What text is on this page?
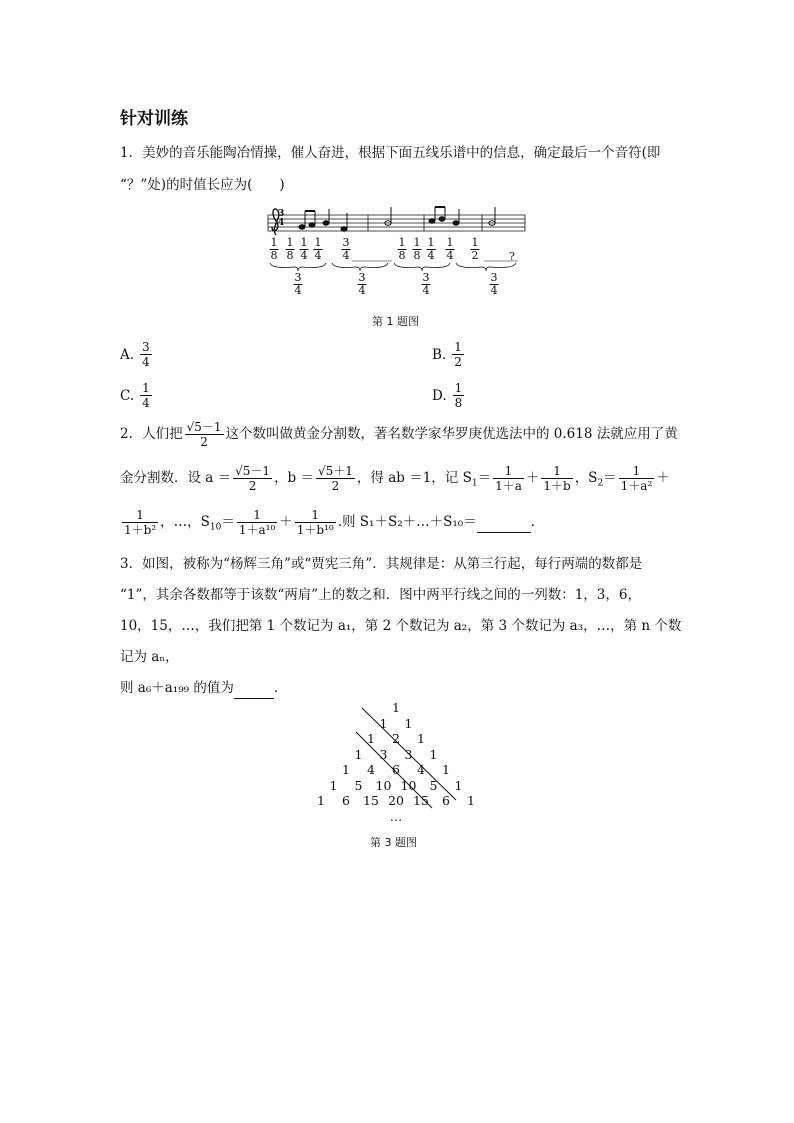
针对训练
1．美妙的音乐能陶冶情操，催人奋进，根据下面五线乐谱中的信息，确定最后一个音符(即
“？”处)的时值长应为(　　)
3
4
1
8
1
8
1
4
1
4
3
4
1
8
1
8
1
4
1
4
1
2	?
3
4
3
4
3
4
3
4
第 1 题图
A. $\frac{3}{4}$	B. $\frac{1}{2}$
C. $\frac{1}{4}$	D. $\frac{1}{8}$
2．人们把 $\frac{√5-1}{2}$ 这个数叫做黄金分割数，著名数学家华罗庚优选法中的 0.618 法就应用了黄
金分割数．设 $a = \frac{√5-1}{2}$ ，$b = \frac{√5+1}{2}$ ，得 ab ＝1，记 $S_1= \frac{1}{1+a} + \frac{1}{1+b}$ ，$S_2= \frac{1}{\text{1＋a²}}$ ＋
$\frac{1}{\text{1＋b²}}$ ，…，$S_{10}= \frac{1}{\text{1＋a¹⁰}} + \frac{1}{\text{1＋b¹⁰}}$ .则 S₁＋S₂＋…＋S₁₀＝	．
3．如图，被称为“杨辉三角”或“贾宪三角”．其规律是：从第三行起，每行两端的数都是
“1”，其余各数都等于该数“两肩”上的数之和．图中两平行线之间的一列数：1，3，6，
10，15，…，我们把第 1 个数记为 a₁，第 2 个数记为 a₂，第 3 个数记为 a₃，…，第 n 个数
记为 aₙ，
则 a₆＋a₁₉₉ 的值为	．
1
1 1
1 2 1
1 3 3 1
1 4 6 4 1
1 5 10 10 5 1
1 6 15 20 15 6 1
…
第 3 题图
